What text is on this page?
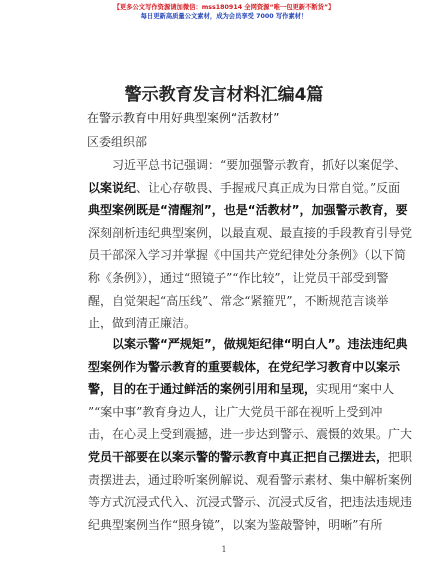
【更多公文写作资源请加微信：mss180914 全网资源“唯一包更新不断货”】
每日更新高质量公文素材，成为会员享受 7000 写作素材！
警示教育发言材料汇编4篇
在警示教育中用好典型案例“活教材”
区委组织部
习近平总书记强调：“要加强警示教育，抓好以案促学、
以案说纪、让心存敬畏、手握戒尺真正成为日常自觉。”反面
典型案例既是“清醒剂”，也是“活教材”，加强警示教育，要
深刻剖析违纪典型案例，以最直观、最直接的手段教育引导党
员干部深入学习并掌握《中国共产党纪律处分条例》（以下简
称《条例》），通过“照镜子”“作比较”，让党员干部受到警
醒，自觉架起“高压线”、常念“紧箍咒”，不断规范言谈举
止，做到清正廉洁。
以案示警“严规矩”，做规矩纪律“明白人”。违法违纪典
型案例作为警示教育的重要载体，在党纪学习教育中以案示
警，目的在于通过鲜活的案例引用和呈现，实现用“案中人
”“案中事”教育身边人，让广大党员干部在视听上受到冲
击，在心灵上受到震撼，进一步达到警示、震慑的效果。广大
党员干部要在以案示警的警示教育中真正把自己摆进去，把职
责摆进去，通过聆听案例解说、观看警示素材、集中解析案例
等方式沉浸式代入、沉浸式警示、沉浸式反省，把违法违规违
纪典型案例当作“照身镜”，以案为鉴敲警钟，明晰”有所
1
